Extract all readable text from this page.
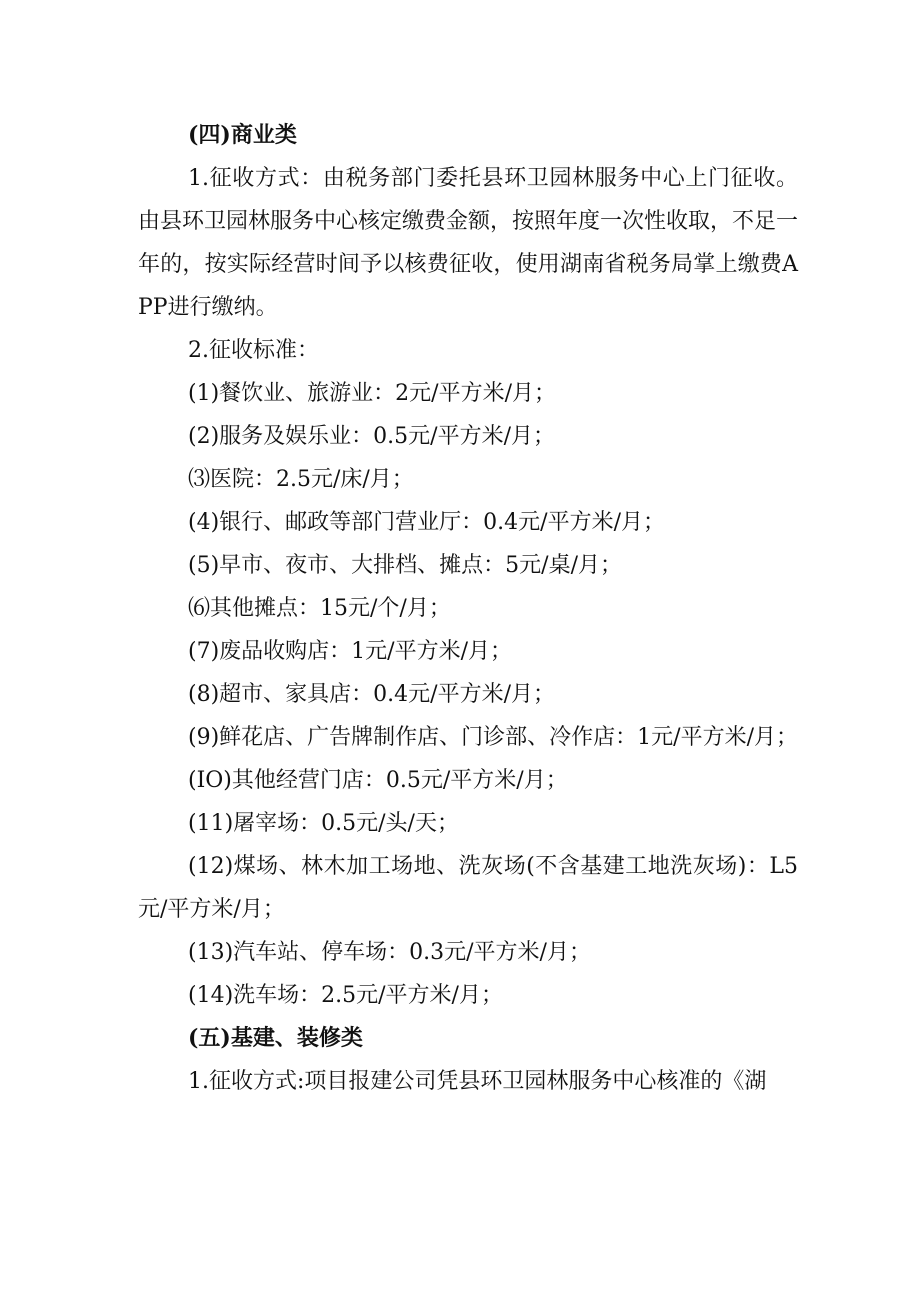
(四)商业类

1.征收方式：由税务部门委托县环卫园林服务中心上门征收。由县环卫园林服务中心核定缴费金额，按照年度一次性收取，不足一年的，按实际经营时间予以核费征收，使用湖南省税务局掌上缴费APP进行缴纳。

2.征收标准：

(1)餐饮业、旅游业：2元/平方米/月；

(2)服务及娱乐业：0.5元/平方米/月；

⑶医院：2.5元/床/月；

(4)银行、邮政等部门营业厅：0.4元/平方米/月；

(5)早市、夜市、大排档、摊点：5元/桌/月；

⑹其他摊点：15元/个/月；

(7)废品收购店：1元/平方米/月；

(8)超市、家具店：0.4元/平方米/月；

(9)鲜花店、广告牌制作店、门诊部、冷作店：1元/平方米/月；

(IO)其他经营门店：0.5元/平方米/月；

(11)屠宰场：0.5元/头/天；

(12)煤场、林木加工场地、洗灰场(不含基建工地洗灰场)：L5元/平方米/月；

(13)汽车站、停车场：0.3元/平方米/月；

(14)洗车场：2.5元/平方米/月；

(五)基建、装修类

1.征收方式:项目报建公司凭县环卫园林服务中心核准的《湖
